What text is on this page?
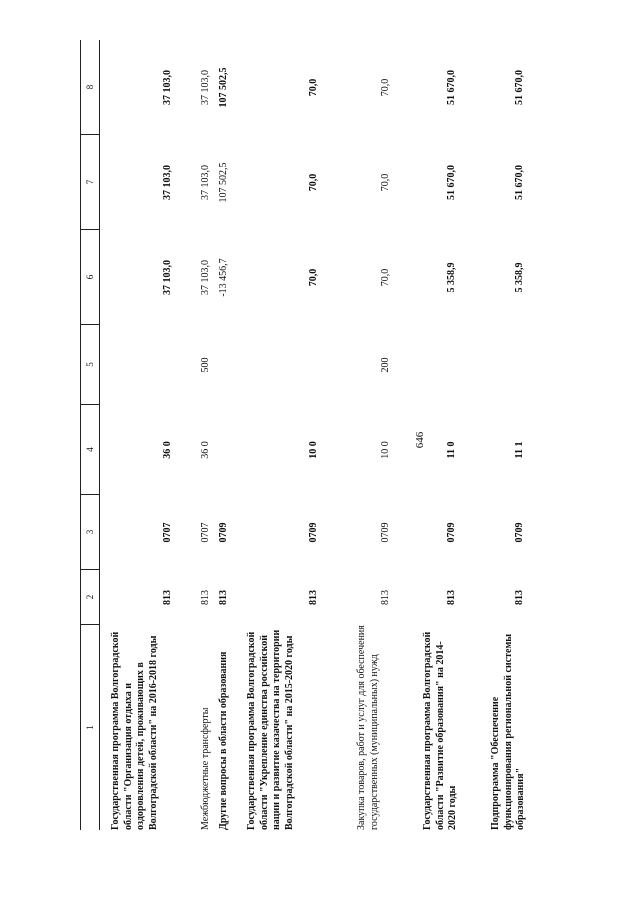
646
1
2
3
4
5
6
7
8
Государственная программа Волгоградской области "Организация отдыха и оздоровления детей, проживающих в Волгоградской области" на 2016-2018 годы
813
0707
36 0
37 103,0
37 103,0
37 103,0
Межбюджетные трансферты
813
0707
36 0
500
37 103,0
37 103,0
37 103,0
Другие вопросы в области образования
813
0709
-13 456,7
107 502,5
107 502,5
Государственная программа Волгоградской области "Укрепление единства российской нации и развитие казачества на территории Волгоградской области" на 2015-2020 годы
813
0709
10 0
70,0
70,0
70,0
Закупка товаров, работ и услуг для обеспечения государственных (муниципальных) нужд
813
0709
10 0
200
70,0
70,0
70,0
Государственная программа Волгоградской области "Развитие образования" на 2014-2020 годы
813
0709
11 0
5 358,9
51 670,0
51 670,0
Подпрограмма "Обеспечение функционирования региональной системы образования"
813
0709
11 1
5 358,9
51 670,0
51 670,0
